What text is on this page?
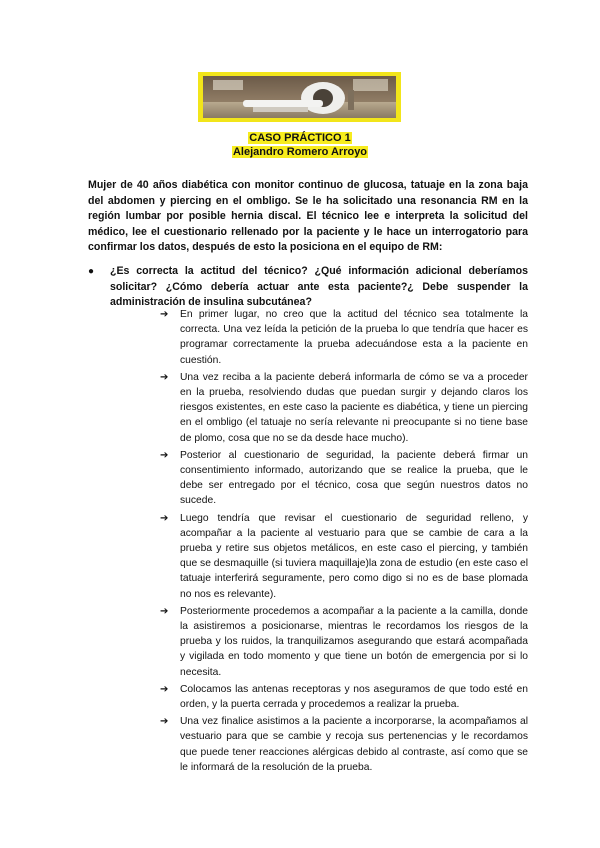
CASO PRÁCTICO 1
Alejandro Romero Arroyo
Mujer de 40 años diabética con monitor continuo de glucosa, tatuaje en la zona baja del abdomen y piercing en el ombligo. Se le ha solicitado una resonancia RM en la región lumbar por posible hernia discal. El técnico lee e interpreta la solicitud del médico, lee el cuestionario rellenado por la paciente y le hace un interrogatorio para confirmar los datos, después de esto la posiciona en el equipo de RM:
● ¿Es correcta la actitud del técnico? ¿Qué información adicional deberíamos solicitar? ¿Cómo debería actuar ante esta paciente?¿ Debe suspender la administración de insulina subcutánea?
➔ En primer lugar, no creo que la actitud del técnico sea totalmente la correcta. Una vez leída la petición de la prueba lo que tendría que hacer es programar correctamente la prueba adecuándose esta a la paciente en cuestión.
➔ Una vez reciba a la paciente deberá informarla de cómo se va a proceder en la prueba, resolviendo dudas que puedan surgir y dejando claros los riesgos existentes, en este caso la paciente es diabética, y tiene un piercing en el ombligo (el tatuaje no sería relevante ni preocupante si no tiene base de plomo, cosa que no se da desde hace mucho).
➔ Posterior al cuestionario de seguridad, la paciente deberá firmar un consentimiento informado, autorizando que se realice la prueba, que le debe ser entregado por el técnico, cosa que según nuestros datos no sucede.
➔ Luego tendría que revisar el cuestionario de seguridad relleno, y acompañar a la paciente al vestuario para que se cambie de cara a la prueba y retire sus objetos metálicos, en este caso el piercing, y también que se desmaquille (si tuviera maquillaje)la zona de estudio (en este caso el tatuaje interferirá seguramente, pero como digo si no es de base plomada no nos es relevante).
➔ Posteriormente procedemos a acompañar a la paciente a la camilla, donde la asistiremos a posicionarse, mientras le recordamos los riesgos de la prueba y los ruidos, la tranquilizamos asegurando que estará acompañada y vigilada en todo momento y que tiene un botón de emergencia por si lo necesita.
➔ Colocamos las antenas receptoras y nos aseguramos de que todo esté en orden, y la puerta cerrada y procedemos a realizar la prueba.
➔ Una vez finalice asistimos a la paciente a incorporarse, la acompañamos al vestuario para que se cambie y recoja sus pertenencias y le recordamos que puede tener reacciones alérgicas debido al contraste, así como que se le informará de la resolución de la prueba.
